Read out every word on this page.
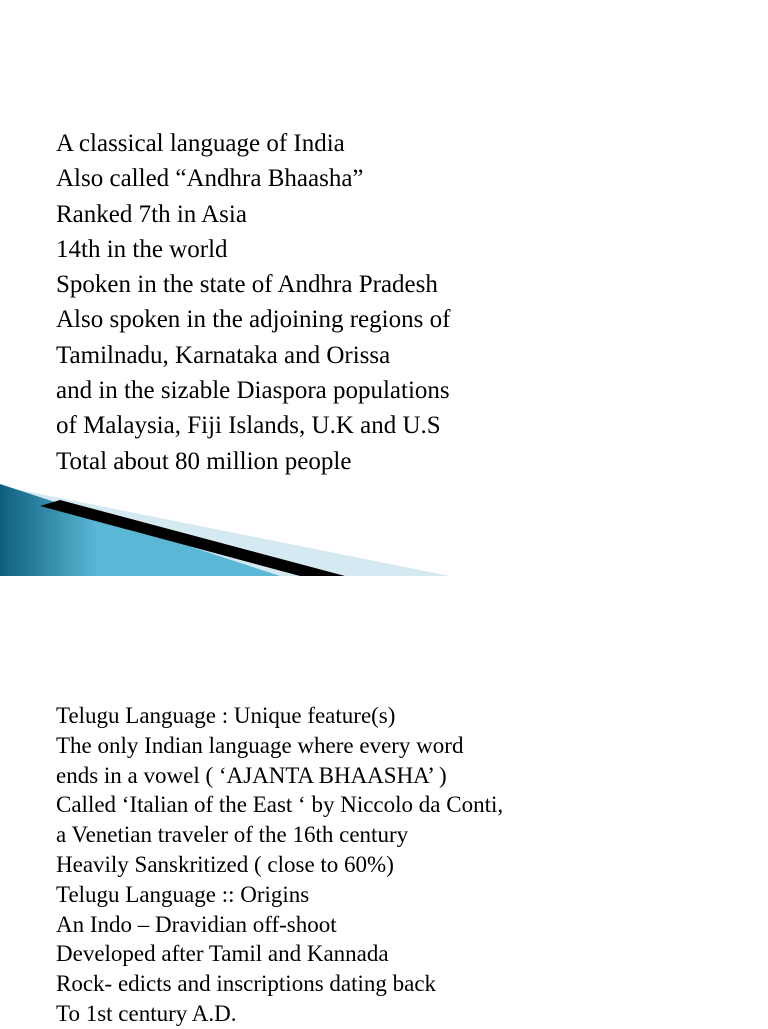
A classical language of India
Also called “Andhra Bhaasha”
Ranked 7th in Asia
14th in the world
Spoken in the state of Andhra Pradesh
Also spoken in the adjoining regions of
Tamilnadu, Karnataka and Orissa
and in the sizable Diaspora populations
of Malaysia, Fiji Islands, U.K and U.S
Total about 80 million people
Telugu Language : Unique feature(s)
The only Indian language where every word
ends in a vowel ( ‘AJANTA BHAASHA’ )
Called ‘Italian of the East ‘ by Niccolo da Conti,
a Venetian traveler of the 16th century
Heavily Sanskritized ( close to 60%)
Telugu Language :: Origins
An Indo – Dravidian off-shoot
Developed after Tamil and Kannada
Rock- edicts and inscriptions dating back
To 1st century A.D.
